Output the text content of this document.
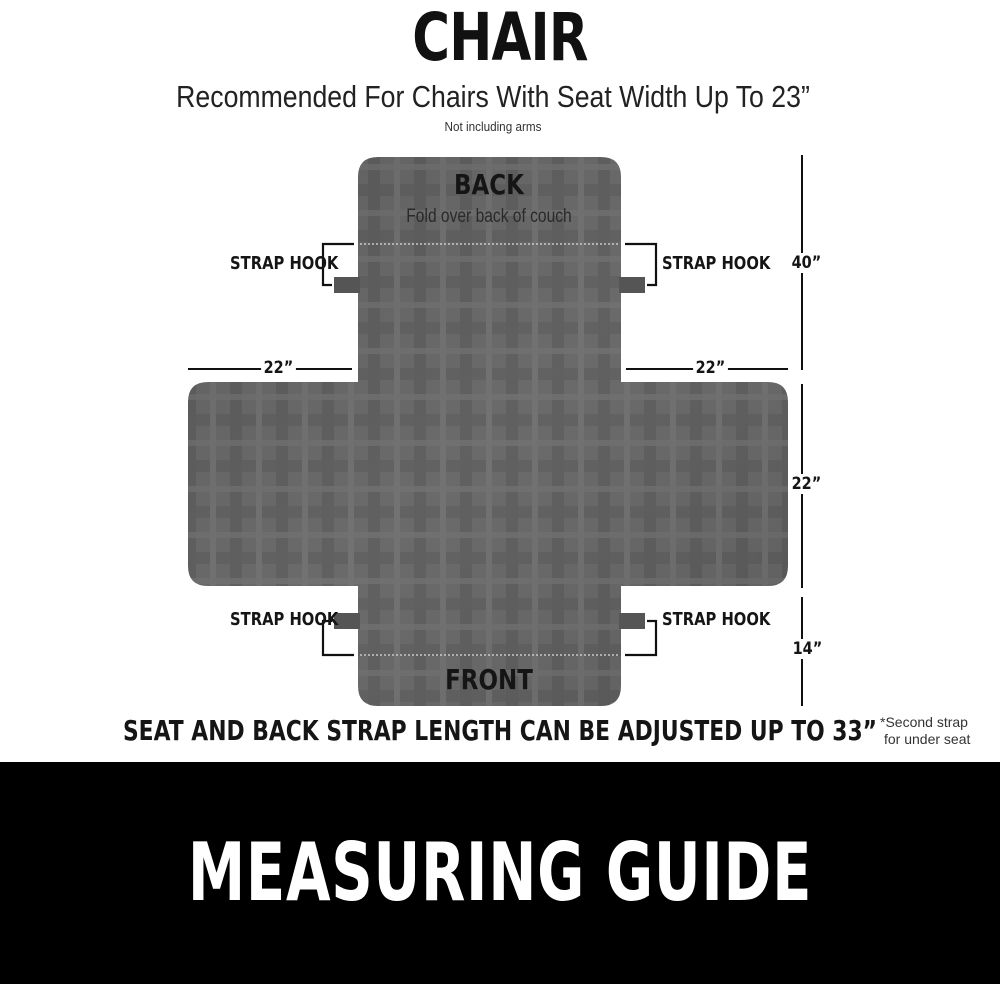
CHAIR
Recommended For Chairs With Seat Width Up To 23”
Not including arms
BACK
Fold over back of couch
FRONT
STRAP HOOK	STRAP HOOK
STRAP HOOK	STRAP HOOK
22”	22”
40”
22”
14”
SEAT AND BACK STRAP LENGTH CAN BE ADJUSTED UP TO 33” *Second strap
for under seat
MEASURING GUIDE
